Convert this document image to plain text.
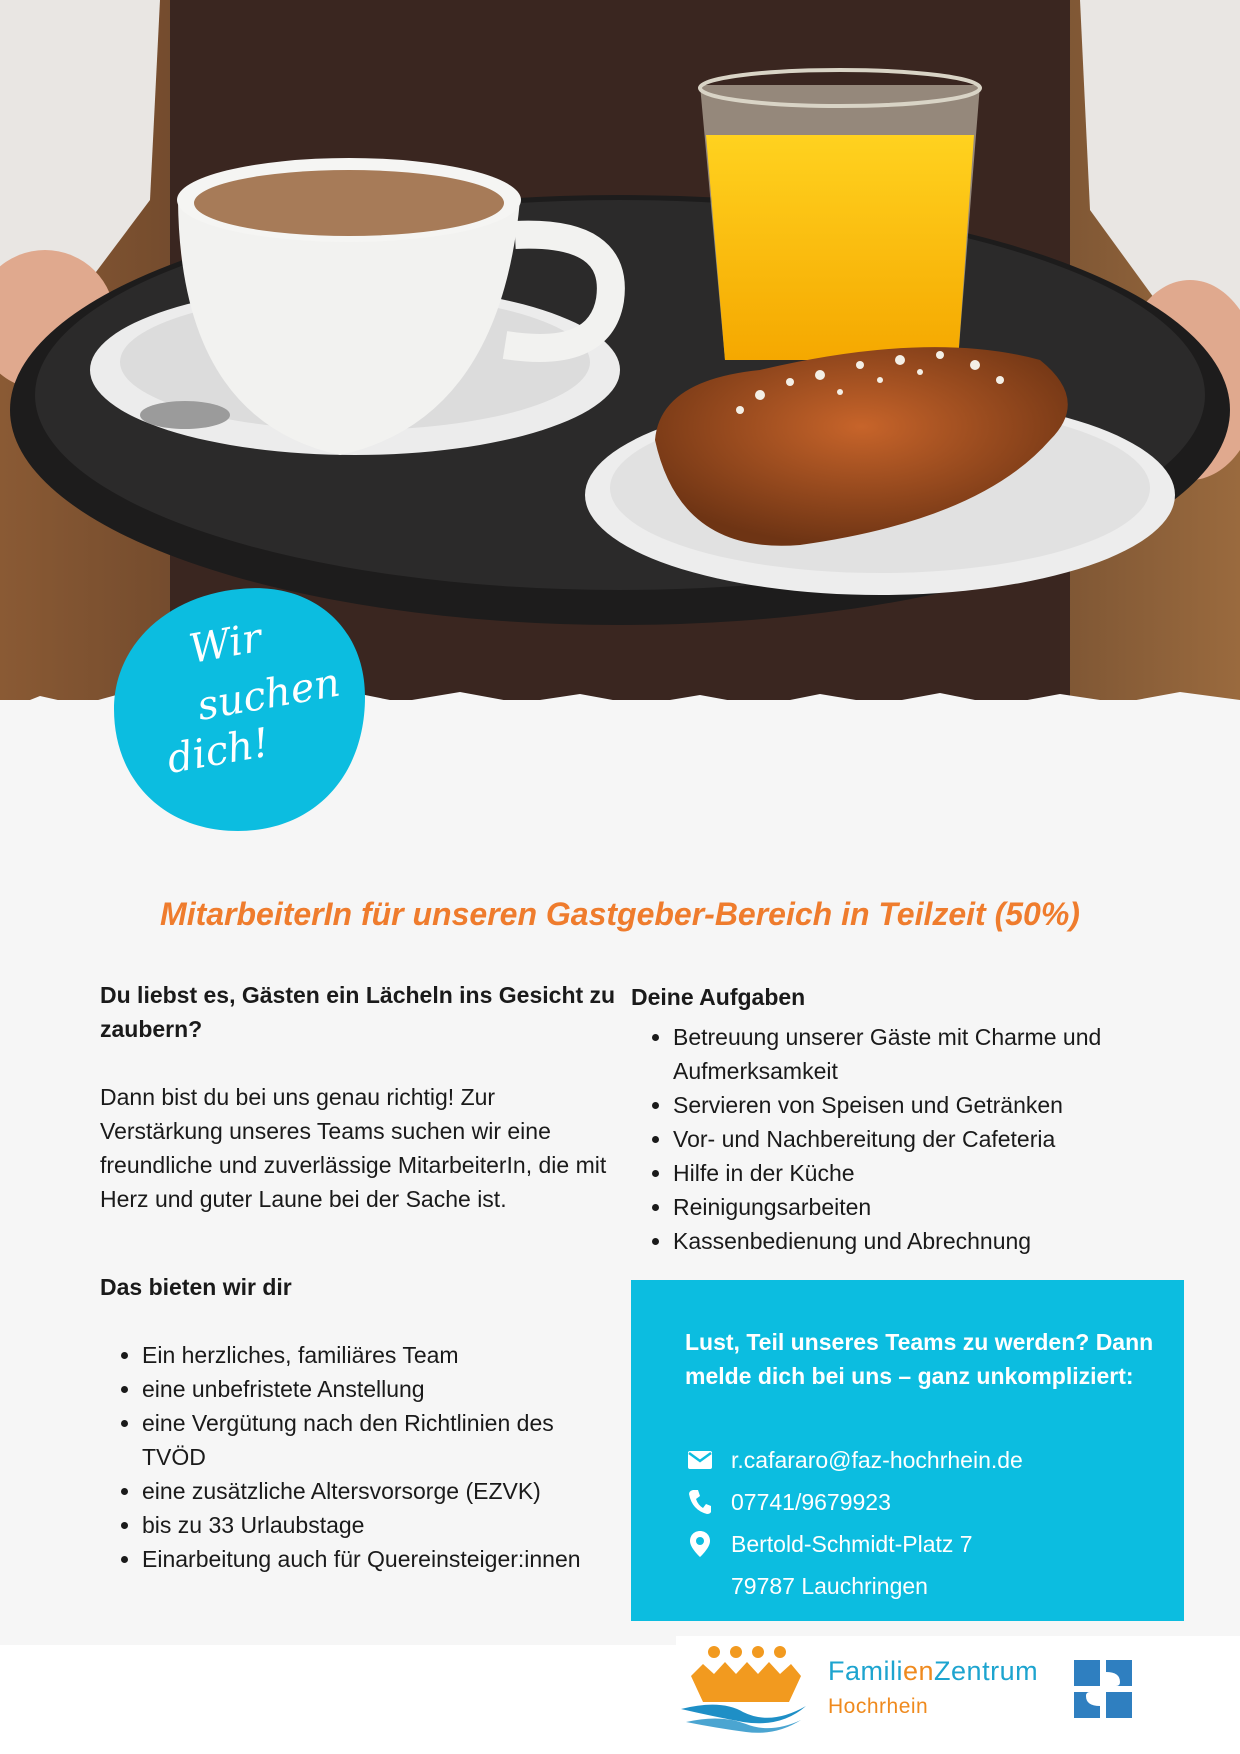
Wir
suchen
dich!
MitarbeiterIn für unseren Gastgeber-Bereich in Teilzeit (50%)

Du liebst es, Gästen ein Lächeln ins Gesicht zu zaubern?

Dann bist du bei uns genau richtig! Zur Verstärkung unseres Teams suchen wir eine freundliche und zuverlässige MitarbeiterIn, die mit Herz und guter Laune bei der Sache ist.

Das bieten wir dir

• Ein herzliches, familiäres Team
• eine unbefristete Anstellung
• eine Vergütung nach den Richtlinien des TVÖD
• eine zusätzliche Altersvorsorge (EZVK)
• bis zu 33 Urlaubstage
• Einarbeitung auch für Quereinsteiger:innen

Deine Aufgaben

• Betreuung unserer Gäste mit Charme und Aufmerksamkeit
• Servieren von Speisen und Getränken
• Vor- und Nachbereitung der Cafeteria
• Hilfe in der Küche
• Reinigungsarbeiten
• Kassenbedienung und Abrechnung

Lust, Teil unseres Teams zu werden? Dann melde dich bei uns – ganz unkompliziert:

r.cafararo@faz-hochrhein.de
07741/9679923
Bertold-Schmidt-Platz 7
79787 Lauchringen
FamilienZentrum
Hochrhein
